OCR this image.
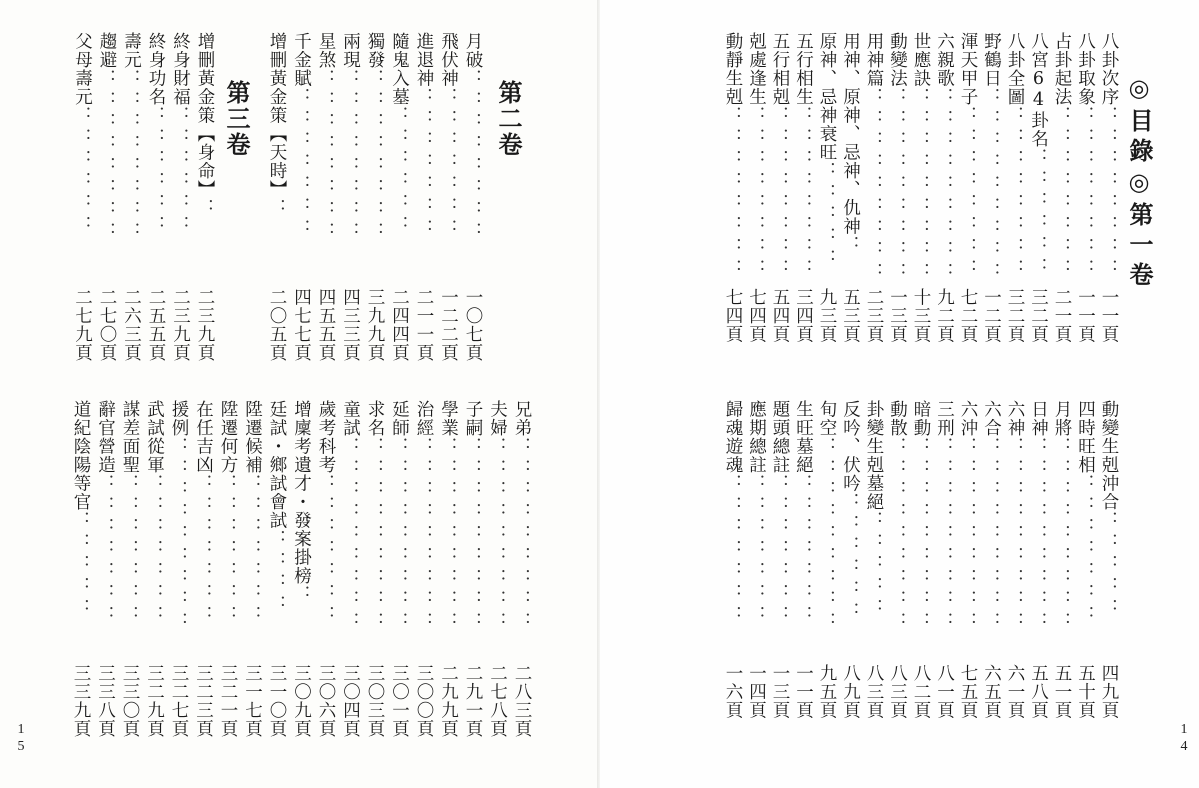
第三卷	第二卷
月破：：：：：：：：
一〇七頁
飛伏神：：：：：：：
一二二頁
進退神：：：：：：：
二一一頁
隨鬼入墓：：：：：：
二四四頁
獨發：：：：：：：：
三九九頁
兩現：：：：：：：：
四三三頁
星煞：：：：：：：：
四五五頁
千金賦：：：：：：：
四七七頁
增刪黃金策【天時】：
二〇五頁
增刪黃金策【身命】：
二三九頁
終身財福：：：：：：
二三九頁
終身功名：：：：：：
二五五頁
壽元：：：：：：：：
二六三頁
趨避：：：：：：：：
二七〇頁
父母壽元：：：：：：
二七九頁
兄弟：：：：：：：：：
二八三頁
夫婦：：：：：：：：：
二七八頁
子嗣：：：：：：：：：
二九一頁
學業：：：：：：：：：
二九九頁
治經：：：：：：：：：
三〇〇頁
延師：：：：：：：：：
三〇一頁
求名：：：：：：：：：
三〇三頁
童試：：：：：：：：：
三〇四頁
歲考科考：：：：：：：
三〇六頁
增廩考遺才・發案掛榜：
三〇九頁
廷試・鄉試會試：：：：
三一〇頁
陞遷候補：：：：：：：
三一七頁
陞遷何方：：：：：：：
三二一頁
在任吉凶：：：：：：：
三二三頁
援例：：：：：：：：：
三二七頁
武試從軍：：：：：：：
三二九頁
謀差面聖：：：：：：：
三三〇頁
辭官營造：：：：：：：
三三八頁
道紀陰陽等官：：：：：
三三九頁
1
5
◎目錄◎第一卷
八卦次序：：：：：：：：
一一頁
八卦取象：：：：：：：：
一一頁
占卦起法：：：：：：：：
二一頁
八宮64卦名：：：：：：
三二頁
八卦全圖：：：：：：：：
三二頁
野鶴日：：：：：：：：：
一二頁
渾天甲子：：：：：：：：
七二頁
六親歌：：：：：：：：：
九二頁
世應訣：：：：：：：：：
十三頁
動變法：：：：：：：：：
一三頁
用神篇：：：：：：：：：
二三頁
用神、原神、忌神、仇神：
五三頁
原神、忌神衰旺：：：：：
九三頁
五行相生：：：：：：：：
三四頁
五行相剋：：：：：：：：
五四頁
剋處逢生：：：：：：：：
七四頁
動靜生剋：：：：：：：：
七四頁
動變生剋沖合：：：：：
四九頁
四時旺相：：：：：：：
五十頁
月將：：：：：：：：：
五一頁
日神：：：：：：：：：
五八頁
六神：：：：：：：：：
六一頁
六合：：：：：：：：：
六五頁
六沖：：：：：：：：：
七五頁
三刑：：：：：：：：：
八一頁
暗動：：：：：：：：：
八二頁
動散：：：：：：：：：
八三頁
卦變生剋墓絕：：：：：
八三頁
反吟、伏吟：：：：：：
八九頁
旬空：：：：：：：：：
九五頁
生旺墓絕：：：：：：：
一一頁
題頭總註：：：：：：：
一三頁
應期總註：：：：：：：
一四頁
歸魂遊魂：：：：：：：
一六頁
1
4
